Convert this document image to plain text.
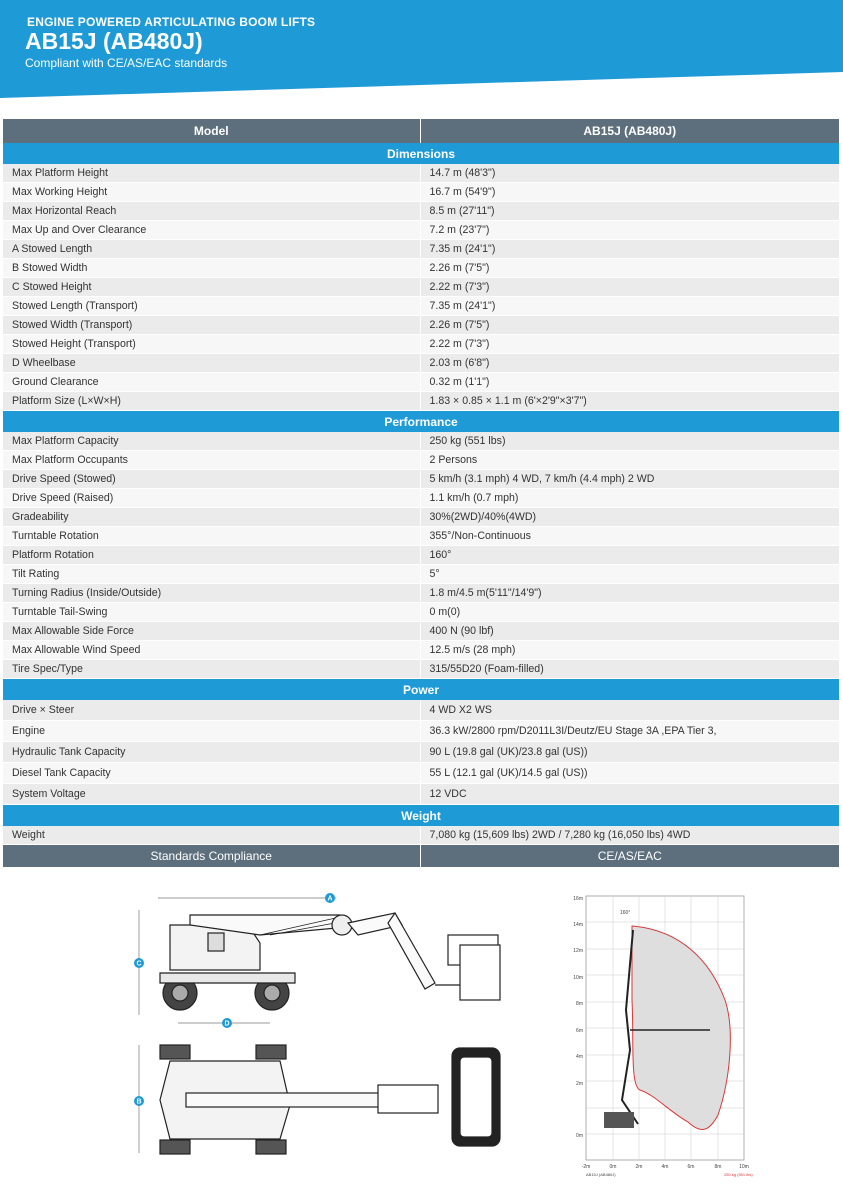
ENGINE POWERED ARTICULATING BOOM LIFTS
AB15J (AB480J)
Compliant with CE/AS/EAC standards
Model	AB15J (AB480J)
Dimensions	
Max Platform Height	14.7 m (48'3")
Max Working Height	16.7 m (54'9")
Max Horizontal Reach	8.5 m (27'11")
Max Up and Over Clearance	7.2 m (23'7")
A Stowed Length	7.35 m (24'1")
B Stowed Width	2.26 m (7'5")
C Stowed Height	2.22 m (7'3")
Stowed Length (Transport)	7.35 m (24'1")
Stowed Width (Transport)	2.26 m (7'5")
Stowed Height (Transport)	2.22 m (7'3")
D Wheelbase	2.03 m (6'8")
Ground Clearance	0.32 m (1'1")
Platform Size (L×W×H)	1.83 × 0.85 × 1.1 m (6'×2'9"×3'7")
Performance	
Max Platform Capacity	250 kg (551 lbs)
Max Platform Occupants	2 Persons
Drive Speed (Stowed)	5 km/h (3.1 mph) 4 WD, 7 km/h (4.4 mph) 2 WD
Drive Speed (Raised)	1.1 km/h (0.7 mph)
Gradeability	30%(2WD)/40%(4WD)
Turntable Rotation	355°/Non-Continuous
Platform Rotation	160°
Tilt Rating	5°
Turning Radius (Inside/Outside)	1.8 m/4.5 m(5'11"/14'9")
Turntable Tail-Swing	0 m(0)
Max Allowable Side Force	400 N (90 lbf)
Max Allowable Wind Speed	12.5 m/s (28 mph)
Tire Spec/Type	315/55D20 (Foam-filled)
Power	
Drive × Steer	4 WD X2 WS
Engine	36.3 kW/2800 rpm/D2011L3I/Deutz/EU Stage 3A ,EPA Tier 3,
Hydraulic Tank Capacity	90 L (19.8 gal (UK)/23.8 gal (US))
Diesel Tank Capacity	55 L (12.1 gal (UK)/14.5 gal (US))
System Voltage	12 VDC
Weight	
Weight	7,080 kg (15,609 lbs) 2WD / 7,280 kg (16,050 lbs) 4WD
Standards Compliance	CE/AS/EAC
A
B
C
D
16m
14m
12m
10m
8m
6m
4m
2m
0m
-2m	0m	2m	4m	6m	8m	10m
160°
AB15J (AB480J)	250 kg (551 lbs)
